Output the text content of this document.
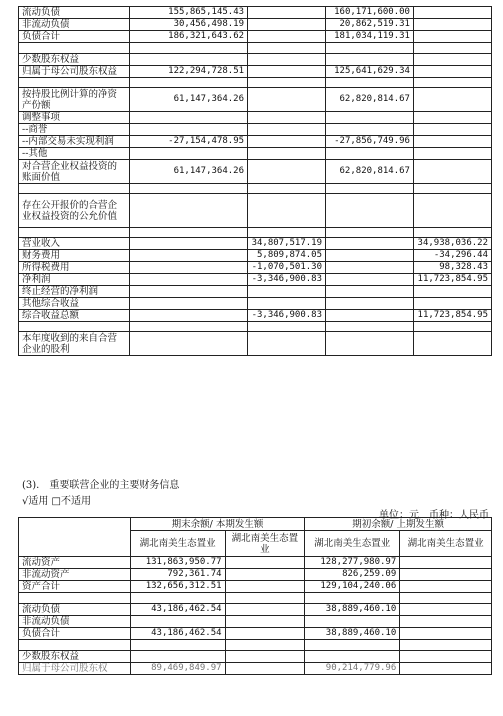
流动负债	155,865,145.43		160,171,600.00	
非流动负债	30,456,498.19		20,862,519.31	
负债合计	186,321,643.62		181,034,119.31	

少数股东权益				
归属于母公司股东权益	122,294,728.51		125,641,629.34	

按持股比例计算的净资产份额	61,147,364.26		62,820,814.67	
调整事项				
--商誉				
--内部交易未实现利润	-27,154,478.95		-27,856,749.96	
--其他				
对合营企业权益投资的账面价值	61,147,364.26		62,820,814.67	

存在公开报价的合营企业权益投资的公允价值				

营业收入		34,807,517.19		34,938,036.22
财务费用		5,809,874.05		-34,296.44
所得税费用		-1,070,501.30		98,328.43
净利润		-3,346,900.83		11,723,854.95
终止经营的净利润				
其他综合收益				
综合收益总额		-3,346,900.83		11,723,854.95

本年度收到的来自合营企业的股利				
(3).　重要联营企业的主要财务信息
√适用 □不适用
单位：元　币种：人民币
	期末余额/ 本期发生额		期初余额/ 上期发生额	
	湖北南美生态置业	湖北南美生态置业	湖北南美生态置业	湖北南美生态置业
流动资产	131,863,950.77		128,277,980.97	
非流动资产	792,361.74		826,259.09	
资产合计	132,656,312.51		129,104,240.06	

流动负债	43,186,462.54		38,889,460.10	
非流动负债				
负债合计	43,186,462.54		38,889,460.10	

少数股东权益				
归属于母公司股东权	89,469,849.97		90,214,779.96	
